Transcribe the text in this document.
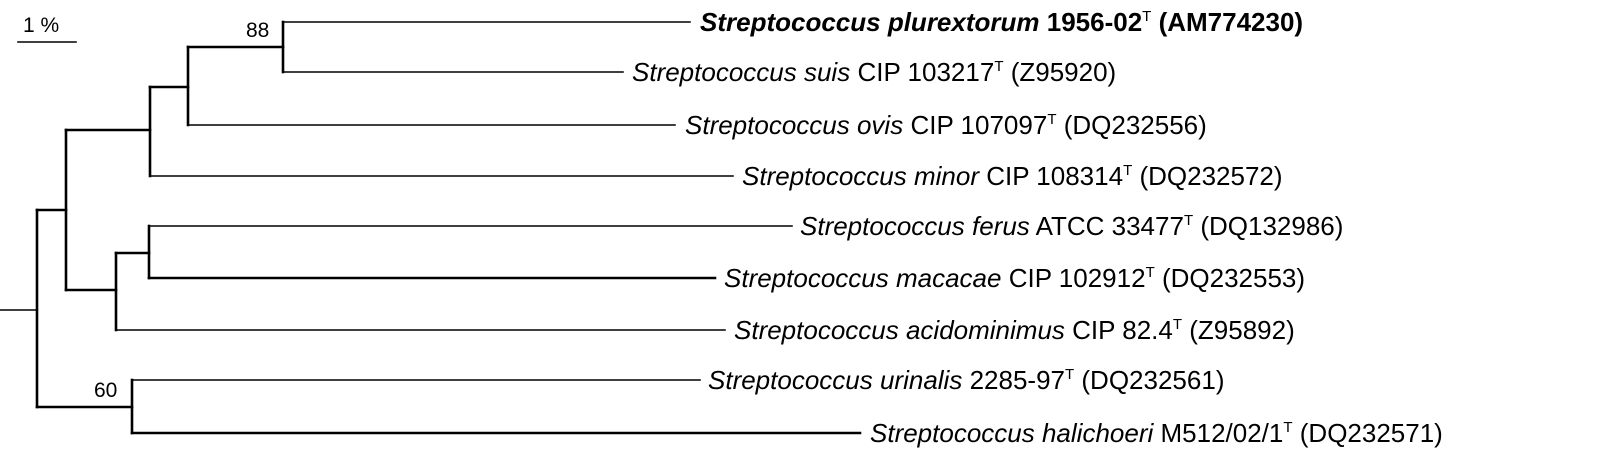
1 %	88
60
Streptococcus plurextorum $1956-02^T$ (AM774230)
Streptococcus suis CIP $103217^T$ (Z95920)
Streptococcus ovis CIP $107097^T$ (DQ232556)
Streptococcus minor CIP $108314^T$ (DQ232572)
Streptococcus ferus ATCC $33477^T$ (DQ132986)
Streptococcus macacae CIP $102912^T$ (DQ232553)
Streptococcus acidominimus CIP $82.4^T$ (Z95892)
Streptococcus urinalis $2285-97^T$ (DQ232561)
Streptococcus halichoeri $M512/02/1^T$ (DQ232571)
